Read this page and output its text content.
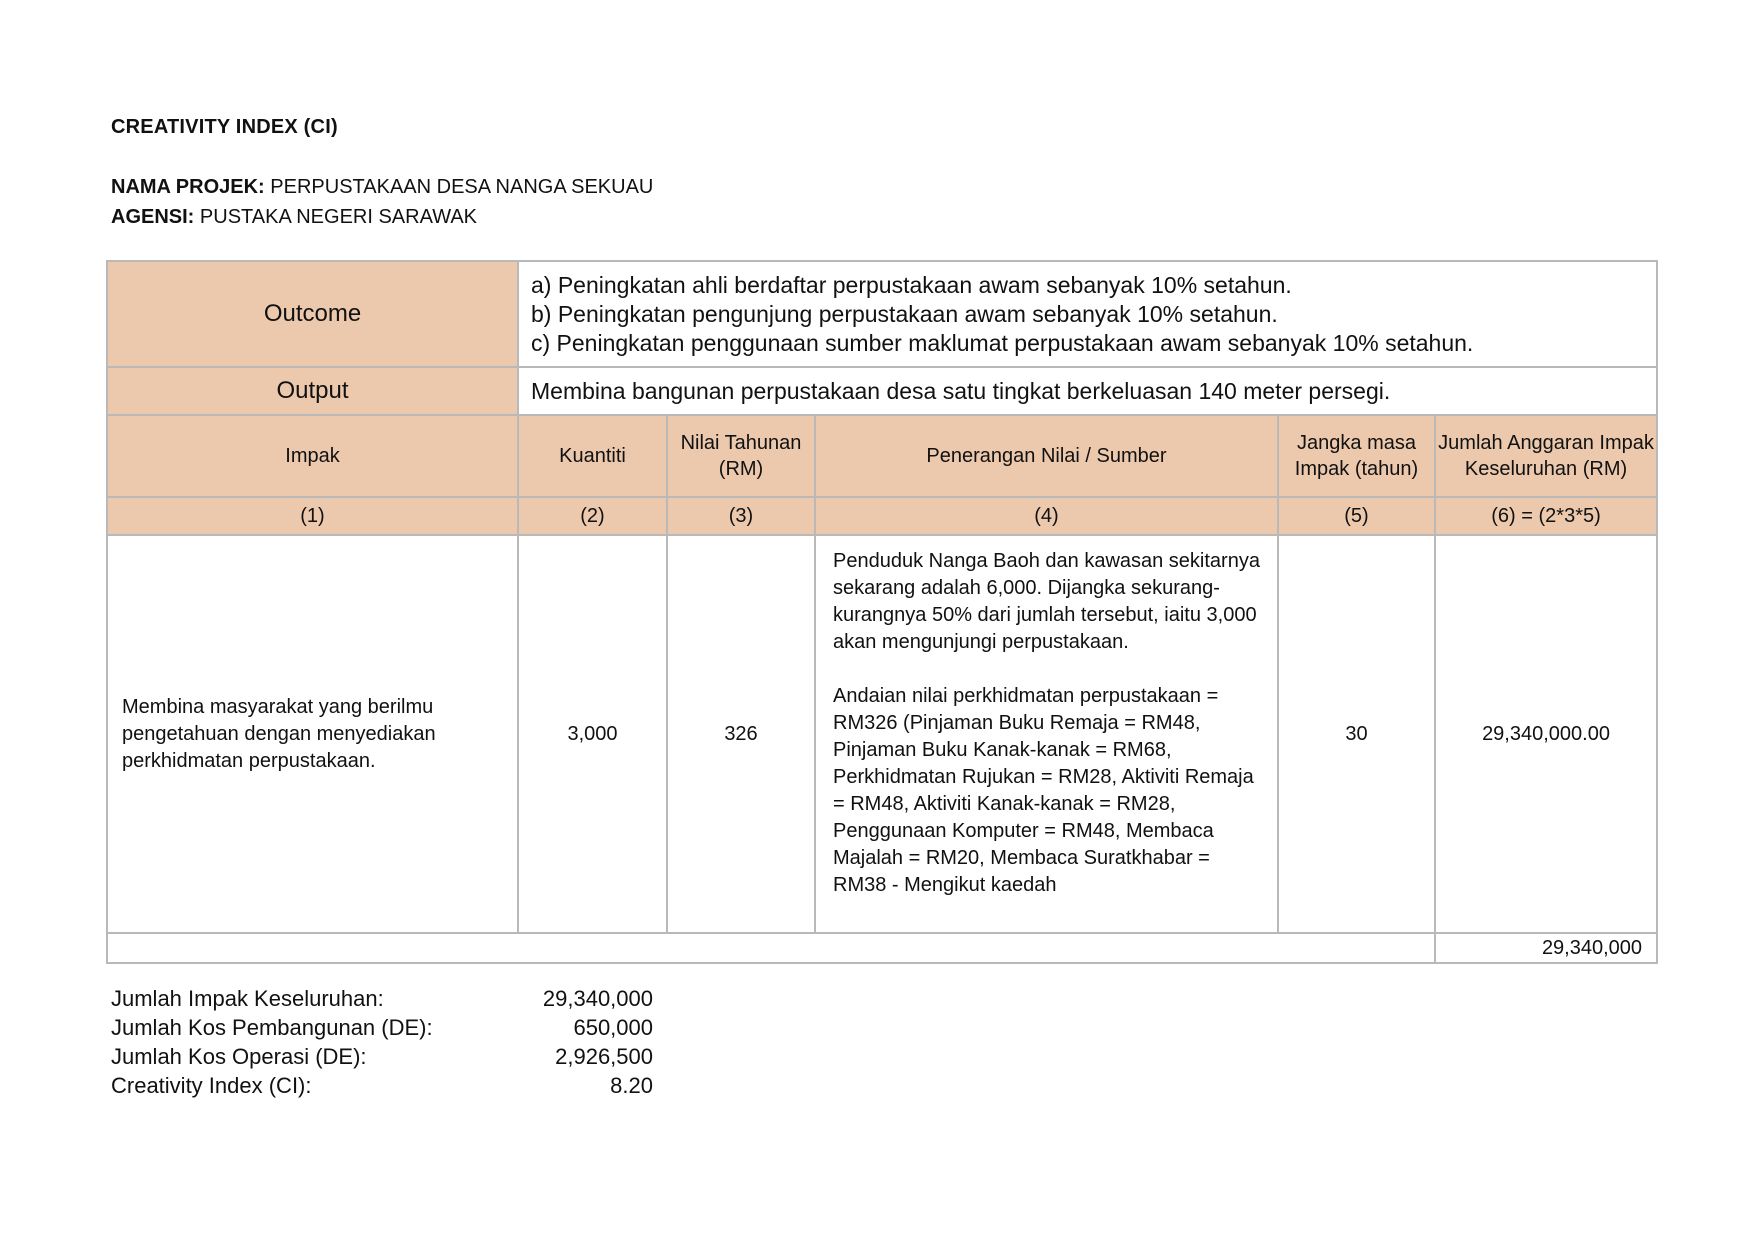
CREATIVITY INDEX (CI)
NAMA PROJEK: PERPUSTAKAAN DESA NANGA SEKUAU
AGENSI: PUSTAKA NEGERI SARAWAK
Outcome	a) Peningkatan ahli berdaftar perpustakaan awam sebanyak 10% setahun.
b) Peningkatan pengunjung perpustakaan awam sebanyak 10% setahun.
c) Peningkatan penggunaan sumber maklumat perpustakaan awam sebanyak 10% setahun.				

Output	Membina bangunan perpustakaan desa satu tingkat berkeluasan 140 meter persegi.				
Impak	Kuantiti	Nilai Tahunan (RM)	Penerangan Nilai / Sumber	Jangka masa Impak (tahun)	Jumlah Anggaran Impak Keseluruhan (RM)
(1)	(2)	(3)	(4)	(5)	(6) = (2*3*5)
Membina masyarakat yang berilmu pengetahuan dengan menyediakan perkhidmatan perpustakaan.	3,000	326	Penduduk Nanga Baoh dan kawasan sekitarnya sekarang adalah 6,000. Dijangka sekurang-kurangnya 50% dari jumlah tersebut, iaitu 3,000 akan mengunjungi perpustakaan.

Andaian nilai perkhidmatan perpustakaan = RM326 (Pinjaman Buku Remaja = RM48, Pinjaman Buku Kanak-kanak = RM68, Perkhidmatan Rujukan = RM28, Aktiviti Remaja = RM48, Aktiviti Kanak-kanak = RM28, Penggunaan Komputer = RM48, Membaca Majalah = RM20, Membaca Suratkhabar = RM38 - Mengikut kaedah	30	29,340,000.00
					29,340,000
Jumlah Impak Keseluruhan:	29,340,000
Jumlah Kos Pembangunan (DE):	650,000
Jumlah Kos Operasi (DE):	2,926,500
Creativity Index (CI):	8.20
